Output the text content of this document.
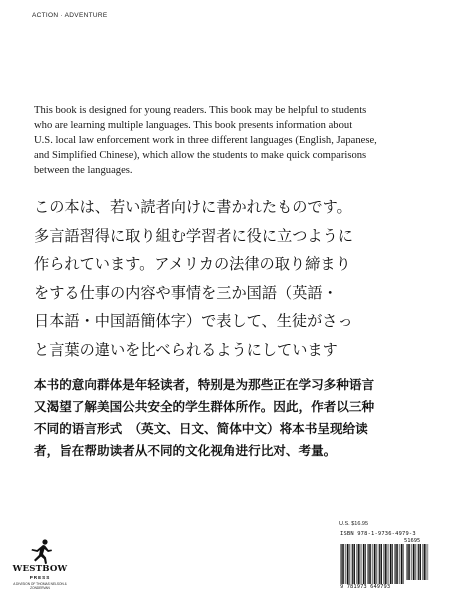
ACTION · ADVENTURE
This book is designed for young readers. This book may be helpful to students
who are learning multiple languages. This book presents information about
U.S. local law enforcement work in three different languages (English, Japanese,
and Simplified Chinese), which allow the students to make quick comparisons
between the languages.
この本は、若い読者向けに書かれたものです。
多言語習得に取り組む学習者に役に立つように
作られています。アメリカの法律の取り締まり
をする仕事の内容や事情を三か国語（英語・
日本語・中国語簡体字）で表して、生徒がさっ
と言葉の違いを比べられるようにしています
本书的意向群体是年轻读者，特别是为那些正在学习多种语言
又渴望了解美国公共安全的学生群体所作。因此，作者以三种
不同的语言形式　（英文、日文、简体中文）将本书呈现给读
者，旨在帮助读者从不同的文化视角进行比对、考量。
WESTBOW
PRESS
A DIVISION OF THOMAS NELSON & ZONDERVAN
U.S. $16.95
ISBN 978-1-9736-4979-3
51695
9 781973 649793
